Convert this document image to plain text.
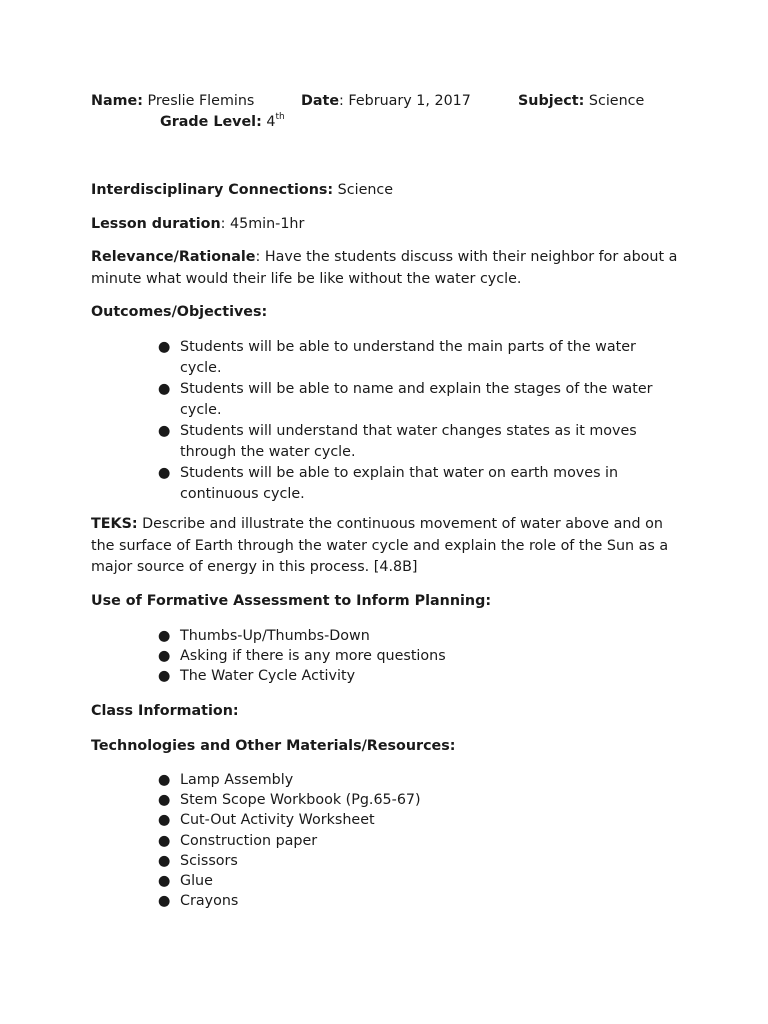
Name: Preslie Flemins	Date: February 1, 2017	Subject: Science
Grade Level: 4th
Interdisciplinary Connections: Science
Lesson duration: 45min-1hr
Relevance/Rationale: Have the students discuss with their neighbor for about a minute what would their life be like without the water cycle.
Outcomes/Objectives:
● Students will be able to understand the main parts of the water cycle.
● Students will be able to name and explain the stages of the water cycle.
● Students will understand that water changes states as it moves through the water cycle.
● Students will be able to explain that water on earth moves in continuous cycle.
TEKS: Describe and illustrate the continuous movement of water above and on the surface of Earth through the water cycle and explain the role of the Sun as a major source of energy in this process. [4.8B]
Use of Formative Assessment to Inform Planning:
● Thumbs-Up/Thumbs-Down
● Asking if there is any more questions
● The Water Cycle Activity
Class Information:
Technologies and Other Materials/Resources:
● Lamp Assembly
● Stem Scope Workbook (Pg.65-67)
● Cut-Out Activity Worksheet
● Construction paper
● Scissors
● Glue
● Crayons
